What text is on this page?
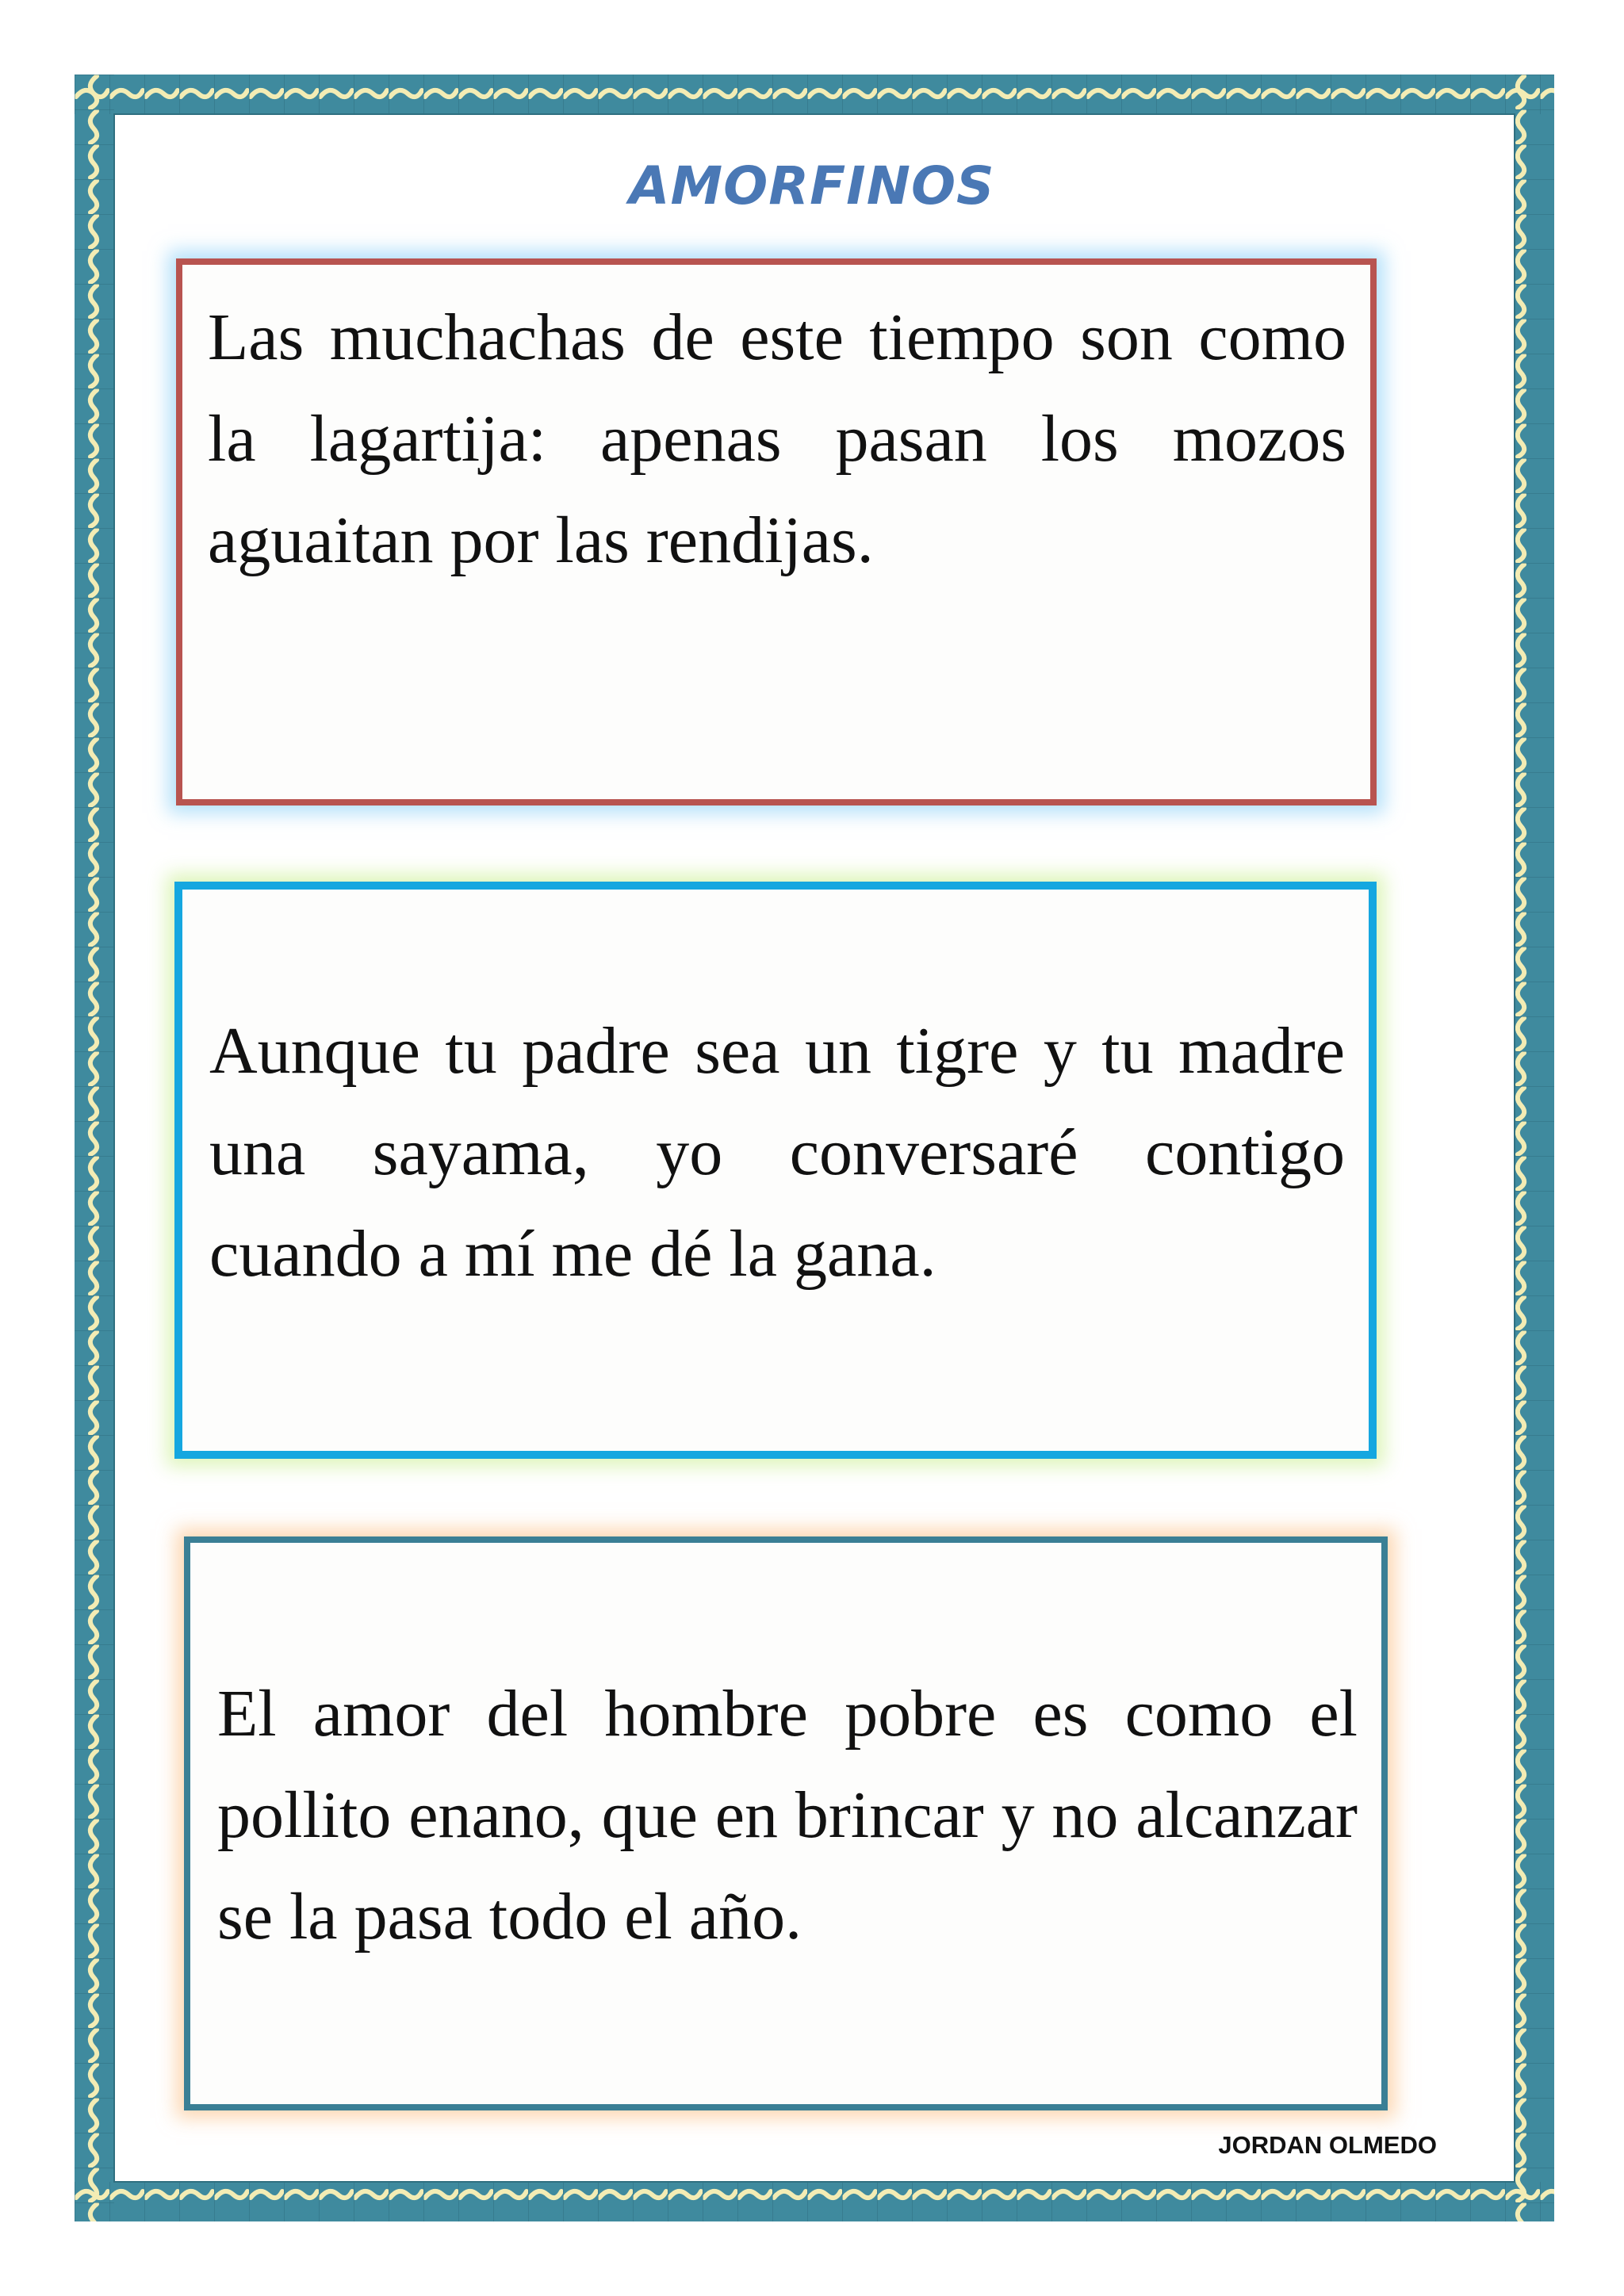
AMORFINOS

Las muchachas de este tiempo son como la lagartija: apenas pasan los mozos aguaitan por las rendijas.

Aunque tu padre sea un tigre y tu madre una sayama, yo conversaré contigo cuando a mí me dé la gana.

El amor del hombre pobre es como el pollito enano, que en brincar y no alcanzar se la pasa todo el año.

JORDAN OLMEDO
